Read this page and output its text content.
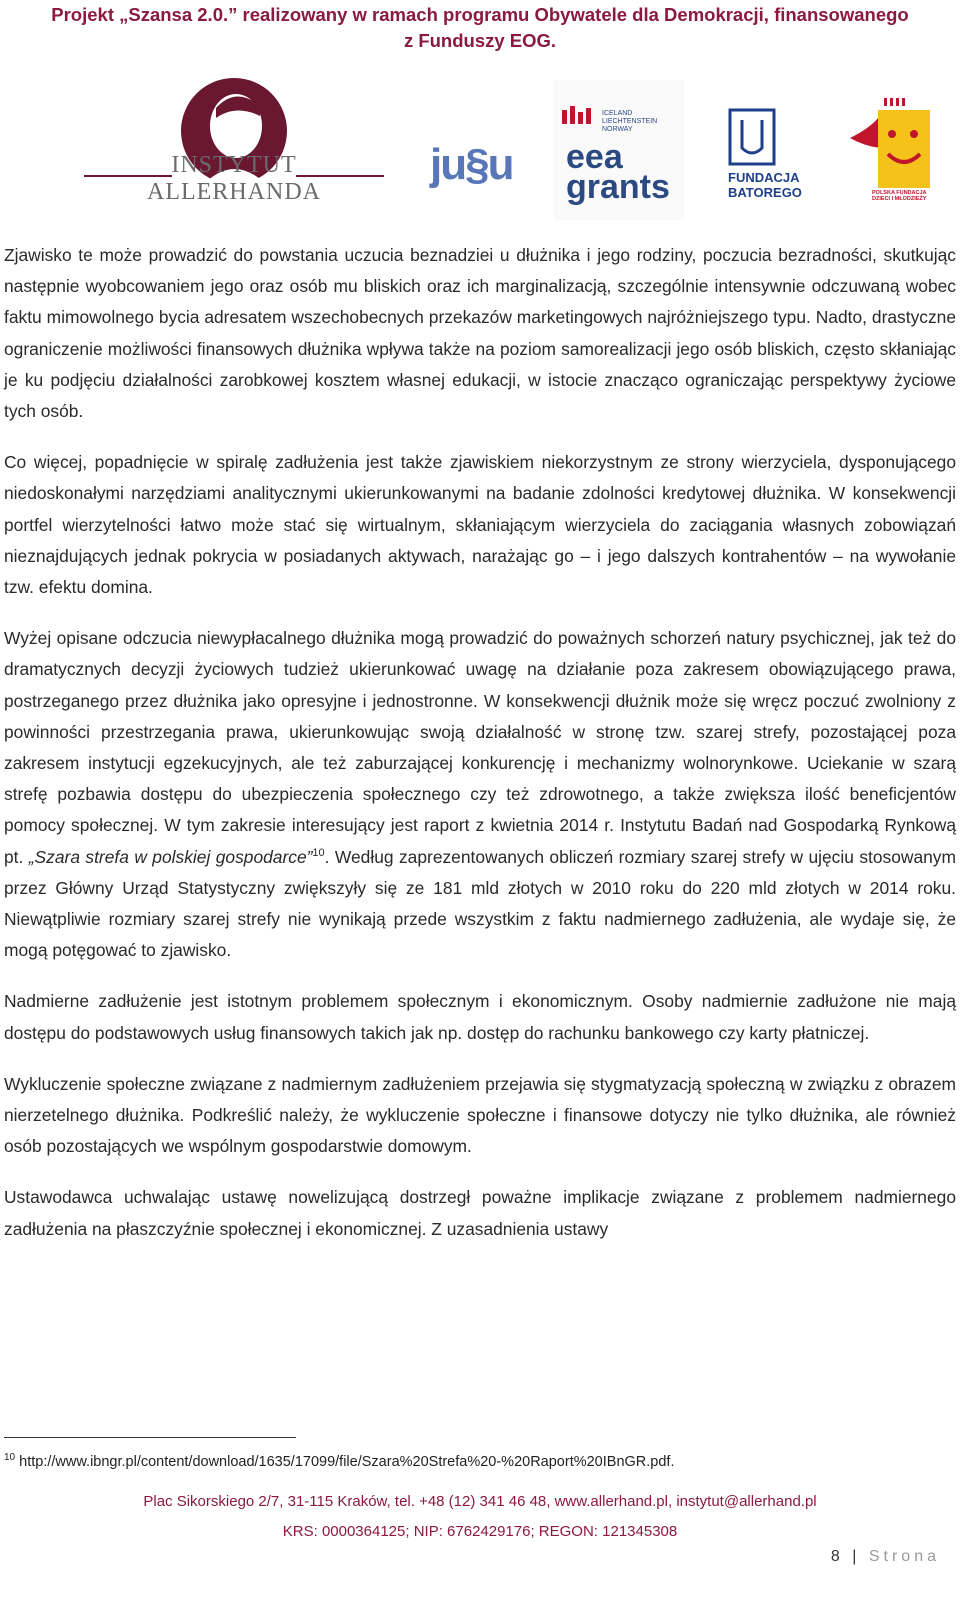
Projekt „Szansa 2.0.” realizowany w ramach programu Obywatele dla Demokracji, finansowanego
z Funduszy EOG.
INSTYTUT ALLERHANDA
ju§u
ICELAND
LIECHTENSTEIN
NORWAY
eea
grants	FUNDACJA
BATOREGO	POLSKA FUNDACJA
DZIECI I MŁODZIEŻY

Zjawisko te może prowadzić do powstania uczucia beznadziei u dłużnika i jego rodziny, poczucia bezradności, skutkując następnie wyobcowaniem jego oraz osób mu bliskich oraz ich marginalizacją, szczególnie intensywnie odczuwaną wobec faktu mimowolnego bycia adresatem wszechobecnych przekazów marketingowych najróżniejszego typu. Nadto, drastyczne ograniczenie możliwości finansowych dłużnika wpływa także na poziom samorealizacji jego osób bliskich, często skłaniając je ku podjęciu działalności zarobkowej kosztem własnej edukacji, w istocie znacząco ograniczając perspektywy życiowe tych osób.

Co więcej, popadnięcie w spiralę zadłużenia jest także zjawiskiem niekorzystnym ze strony wierzyciela, dysponującego niedoskonałymi narzędziami analitycznymi ukierunkowanymi na badanie zdolności kredytowej dłużnika. W konsekwencji portfel wierzytelności łatwo może stać się wirtualnym, skłaniającym wierzyciela do zaciągania własnych zobowiązań nieznajdujących jednak pokrycia w posiadanych aktywach, narażając go – i jego dalszych kontrahentów – na wywołanie tzw. efektu domina.

Wyżej opisane odczucia niewypłacalnego dłużnika mogą prowadzić do poważnych schorzeń natury psychicznej, jak też do dramatycznych decyzji życiowych tudzież ukierunkować uwagę na działanie poza zakresem obowiązującego prawa, postrzeganego przez dłużnika jako opresyjne i jednostronne. W konsekwencji dłużnik może się wręcz poczuć zwolniony z powinności przestrzegania prawa, ukierunkowując swoją działalność w stronę tzw. szarej strefy, pozostającej poza zakresem instytucji egzekucyjnych, ale też zaburzającej konkurencję i mechanizmy wolnorynkowe. Uciekanie w szarą strefę pozbawia dostępu do ubezpieczenia społecznego czy też zdrowotnego, a także zwiększa ilość beneficjentów pomocy społecznej. W tym zakresie interesujący jest raport z kwietnia 2014 r. Instytutu Badań nad Gospodarką Rynkową pt. „Szara strefa w polskiej gospodarce”$^{10}$. Według zaprezentowanych obliczeń rozmiary szarej strefy w ujęciu stosowanym przez Główny Urząd Statystyczny zwiększyły się ze 181 mld złotych w 2010 roku do 220 mld złotych w 2014 roku. Niewątpliwie rozmiary szarej strefy nie wynikają przede wszystkim z faktu nadmiernego zadłużenia, ale wydaje się, że mogą potęgować to zjawisko.

Nadmierne zadłużenie jest istotnym problemem społecznym i ekonomicznym. Osoby nadmiernie zadłużone nie mają dostępu do podstawowych usług finansowych takich jak np. dostęp do rachunku bankowego czy karty płatniczej.

Wykluczenie społeczne związane z nadmiernym zadłużeniem przejawia się stygmatyzacją społeczną w związku z obrazem nierzetelnego dłużnika. Podkreślić należy, że wykluczenie społeczne i finansowe dotyczy nie tylko dłużnika, ale również osób pozostających we wspólnym gospodarstwie domowym.

Ustawodawca uchwalając ustawę nowelizującą dostrzegł poważne implikacje związane z problemem nadmiernego zadłużenia na płaszczyźnie społecznej i ekonomicznej. Z uzasadnienia ustawy

$^{10}$ http://www.ibngr.pl/content/download/1635/17099/file/Szara%20Strefa%20-%20Raport%20IBnGR.pdf.
Plac Sikorskiego 2/7, 31-115 Kraków, tel. +48 (12) 341 46 48, www.allerhand.pl, instytut@allerhand.pl
KRS: 0000364125; NIP: 6762429176; REGON: 121345308
8 | Strona
